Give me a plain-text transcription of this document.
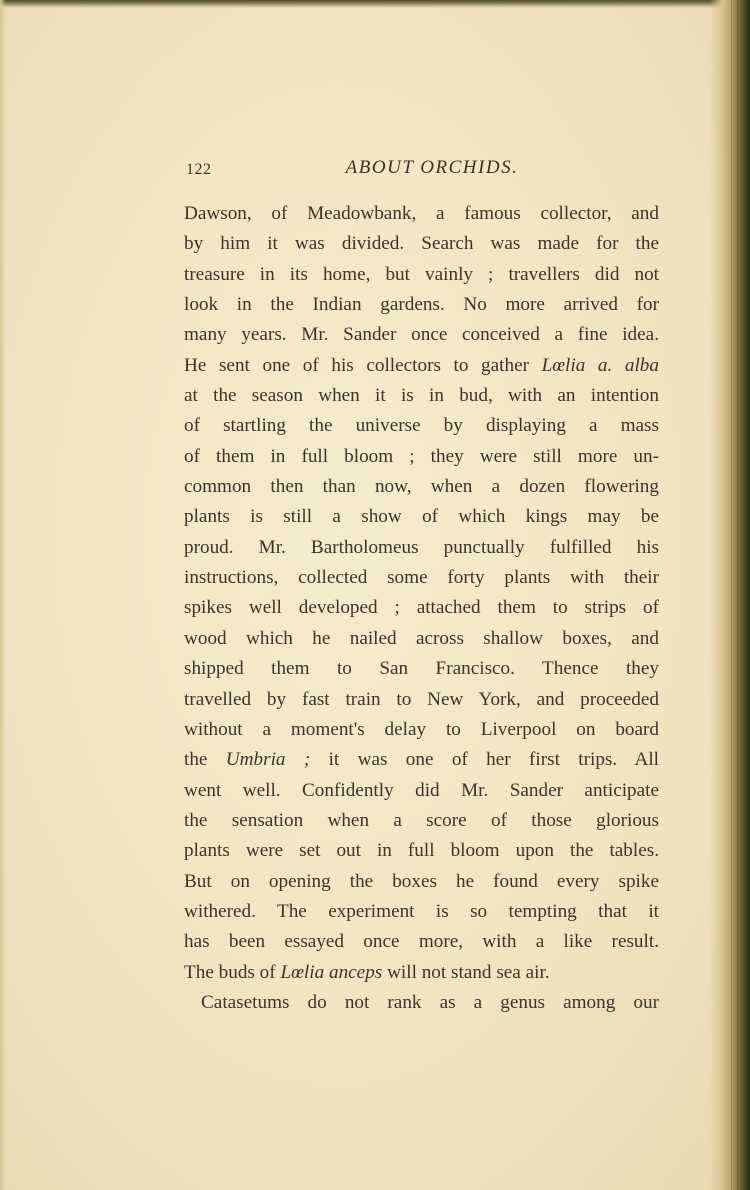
122	ABOUT ORCHIDS.
Dawson, of Meadowbank, a famous collector, and
by him it was divided. Search was made for the
treasure in its home, but vainly ; travellers did not
look in the Indian gardens. No more arrived for
many years. Mr. Sander once conceived a fine idea.
He sent one of his collectors to gather Lœlia a. alba
at the season when it is in bud, with an intention
of startling the universe by displaying a mass
of them in full bloom ; they were still more un-
common then than now, when a dozen flowering
plants is still a show of which kings may be
proud. Mr. Bartholomeus punctually fulfilled his
instructions, collected some forty plants with their
spikes well developed ; attached them to strips of
wood which he nailed across shallow boxes, and
shipped them to San Francisco. Thence they
travelled by fast train to New York, and proceeded
without a moment's delay to Liverpool on board
the Umbria ; it was one of her first trips. All
went well. Confidently did Mr. Sander anticipate
the sensation when a score of those glorious
plants were set out in full bloom upon the tables.
But on opening the boxes he found every spike
withered. The experiment is so tempting that it
has been essayed once more, with a like result.
The buds of Lœlia anceps will not stand sea air.
Catasetums do not rank as a genus among our
